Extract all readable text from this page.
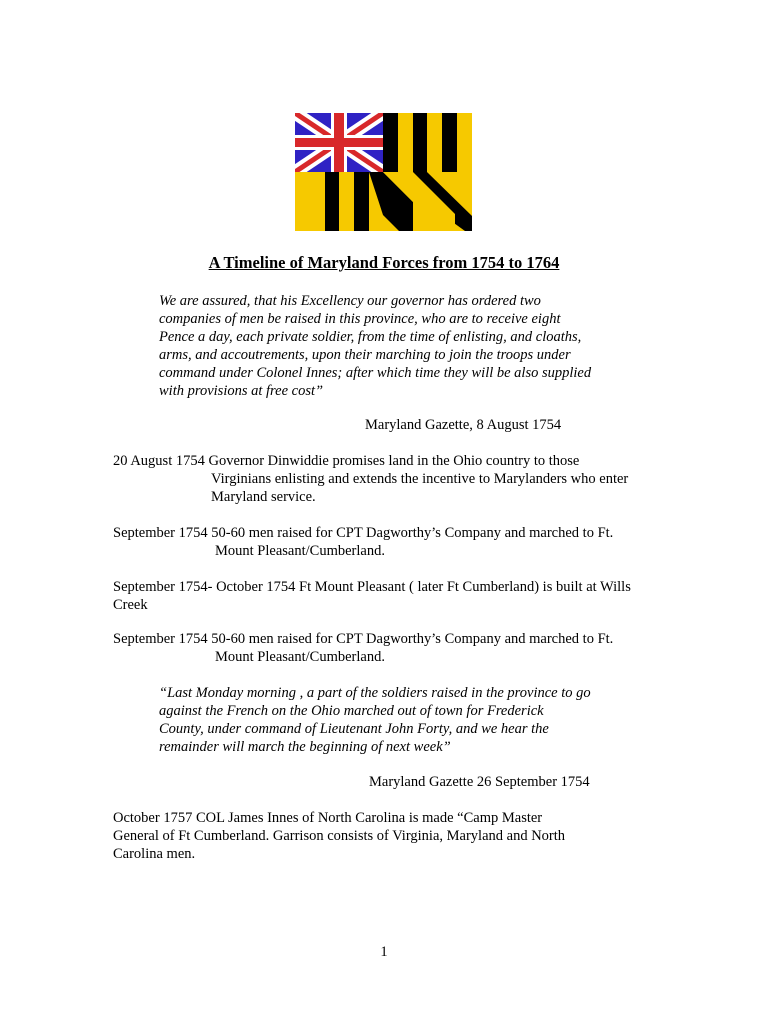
A Timeline of Maryland Forces from 1754 to 1764
We are assured, that his Excellency our governor has ordered two
companies of men be raised in this province, who are to receive eight
Pence a day, each private soldier, from the time of enlisting, and cloaths,
arms, and accoutrements, upon their marching to join the troops under
command under Colonel Innes; after which time they will be also supplied
with provisions at free cost”
Maryland Gazette, 8 August 1754
20 August 1754 Governor Dinwiddie promises land in the Ohio country to those
Virginians enlisting and extends the incentive to Marylanders who enter
Maryland service.
September 1754 50-60 men raised for CPT Dagworthy’s Company and marched to Ft.
Mount Pleasant/Cumberland.
September 1754- October 1754 Ft Mount Pleasant ( later Ft Cumberland) is built at Wills
Creek
September 1754 50-60 men raised for CPT Dagworthy’s Company and marched to Ft.
Mount Pleasant/Cumberland.
“Last Monday morning , a part of the soldiers raised in the province to go
against the French on the Ohio marched out of town for Frederick
County, under command of Lieutenant John Forty, and we hear the
remainder will march the beginning of next week”
Maryland Gazette 26 September 1754
October 1757 COL James Innes of North Carolina is made “Camp Master
General of Ft Cumberland. Garrison consists of Virginia, Maryland and North
Carolina men.
1
